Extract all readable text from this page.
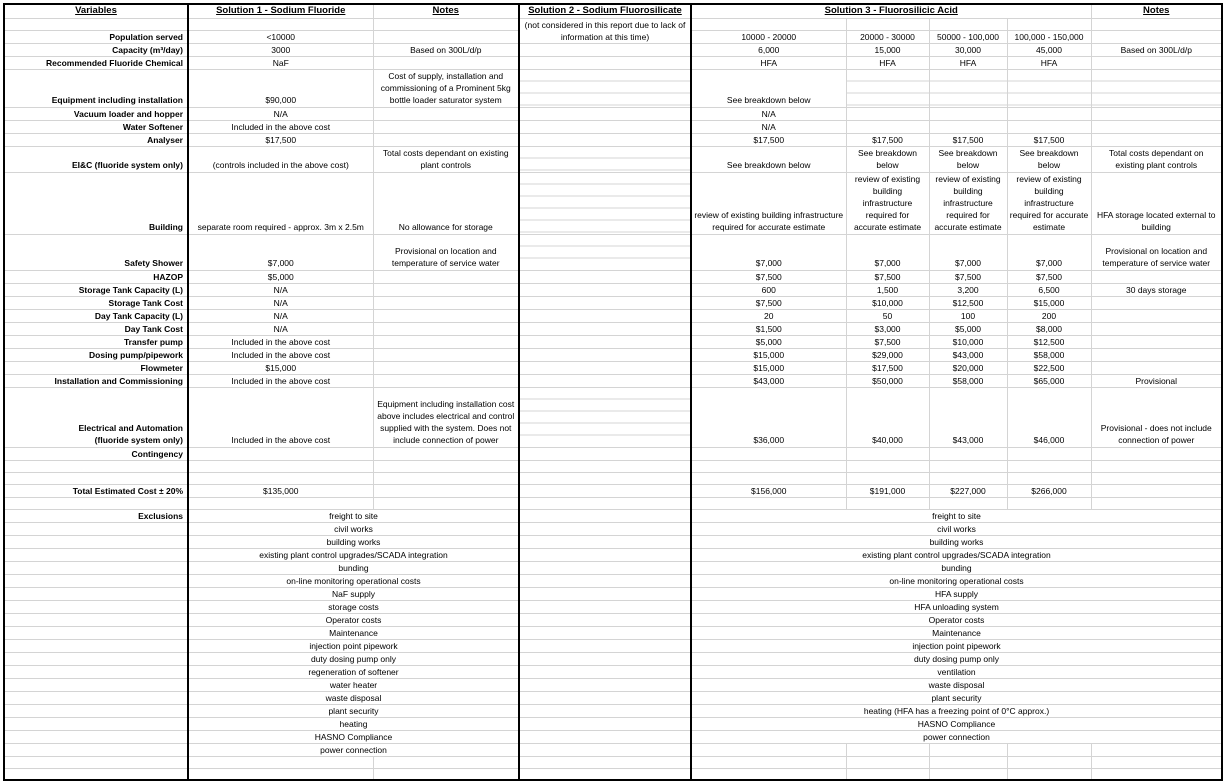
Variables	Solution 1 - Sodium Fluoride	Notes	Solution 2 - Sodium Fluorosilicate	Solution 3 - Fluorosilicic Acid				Notes
			(not considered in this report due to lack of information at this time)					
Population served	<10000			10000 - 20000	20000 - 30000	50000 - 100,000	100,000 - 150,000	
Capacity (m³/day)	3000	Based on 300L/d/p		6,000	15,000	30,000	45,000	Based on 300L/d/p
Recommended Fluoride Chemical	NaF			HFA	HFA	HFA	HFA	
Equipment including installation	$90,000	Cost of supply, installation and commissioning of a Prominent 5kg bottle loader saturator system		See breakdown below				
Vacuum loader and hopper	N/A			N/A				
Water Softener	Included in the above cost			N/A				
Analyser	$17,500			$17,500	$17,500	$17,500	$17,500	
EI&C (fluoride system only)	(controls included in the above cost)	Total costs dependant on existing plant controls		See breakdown below	See breakdown below	See breakdown below	See breakdown below	Total costs dependant on existing plant controls
Building	separate room required - approx. 3m x 2.5m	No allowance for storage		review of existing building infrastructure required for accurate estimate	review of existing building infrastructure required for accurate estimate	review of existing building infrastructure required for accurate estimate	review of existing building infrastructure required for accurate estimate	HFA storage located external to building
Safety Shower	$7,000	Provisional on location and temperature of service water		$7,000	$7,000	$7,000	$7,000	Provisional on location and temperature of service water
HAZOP	$5,000			$7,500	$7,500	$7,500	$7,500	
Storage Tank Capacity (L)	N/A			600	1,500	3,200	6,500	30 days storage
Storage Tank Cost	N/A			$7,500	$10,000	$12,500	$15,000	
Day Tank Capacity (L)	N/A			20	50	100	200	
Day Tank Cost	N/A			$1,500	$3,000	$5,000	$8,000	
Transfer pump	Included in the above cost			$5,000	$7,500	$10,000	$12,500	
Dosing pump/pipework	Included in the above cost			$15,000	$29,000	$43,000	$58,000	
Flowmeter	$15,000			$15,000	$17,500	$20,000	$22,500	
Installation and Commissioning	Included in the above cost			$43,000	$50,000	$58,000	$65,000	Provisional
Electrical and Automation
(fluoride system only)	Included in the above cost	Equipment including installation cost above includes electrical and control supplied with the system. Does not include connection of power		$36,000	$40,000	$43,000	$46,000	Provisional - does not include connection of power
Contingency								

Total Estimated Cost ± 20%	$135,000			$156,000	$191,000	$227,000	$266,000	

Exclusions	freight to site			freight to site				
	civil works			civil works				
	building works			building works				
	existing plant control upgrades/SCADA integration			existing plant control upgrades/SCADA integration				
	bunding			bunding				
	on-line monitoring operational costs			on-line monitoring operational costs				
	NaF supply			HFA supply				
	storage costs			HFA unloading system				
	Operator costs			Operator costs				
	Maintenance			Maintenance				
	injection point pipework			injection point pipework				
	duty dosing pump only			duty dosing pump only				
	regeneration of softener			ventilation				
	water heater			waste disposal				
	waste disposal			plant security				
	plant security			heating (HFA has a freezing point of 0°C approx.)				
	heating			HASNO Compliance				
	HASNO Compliance			power connection				
	power connection							
